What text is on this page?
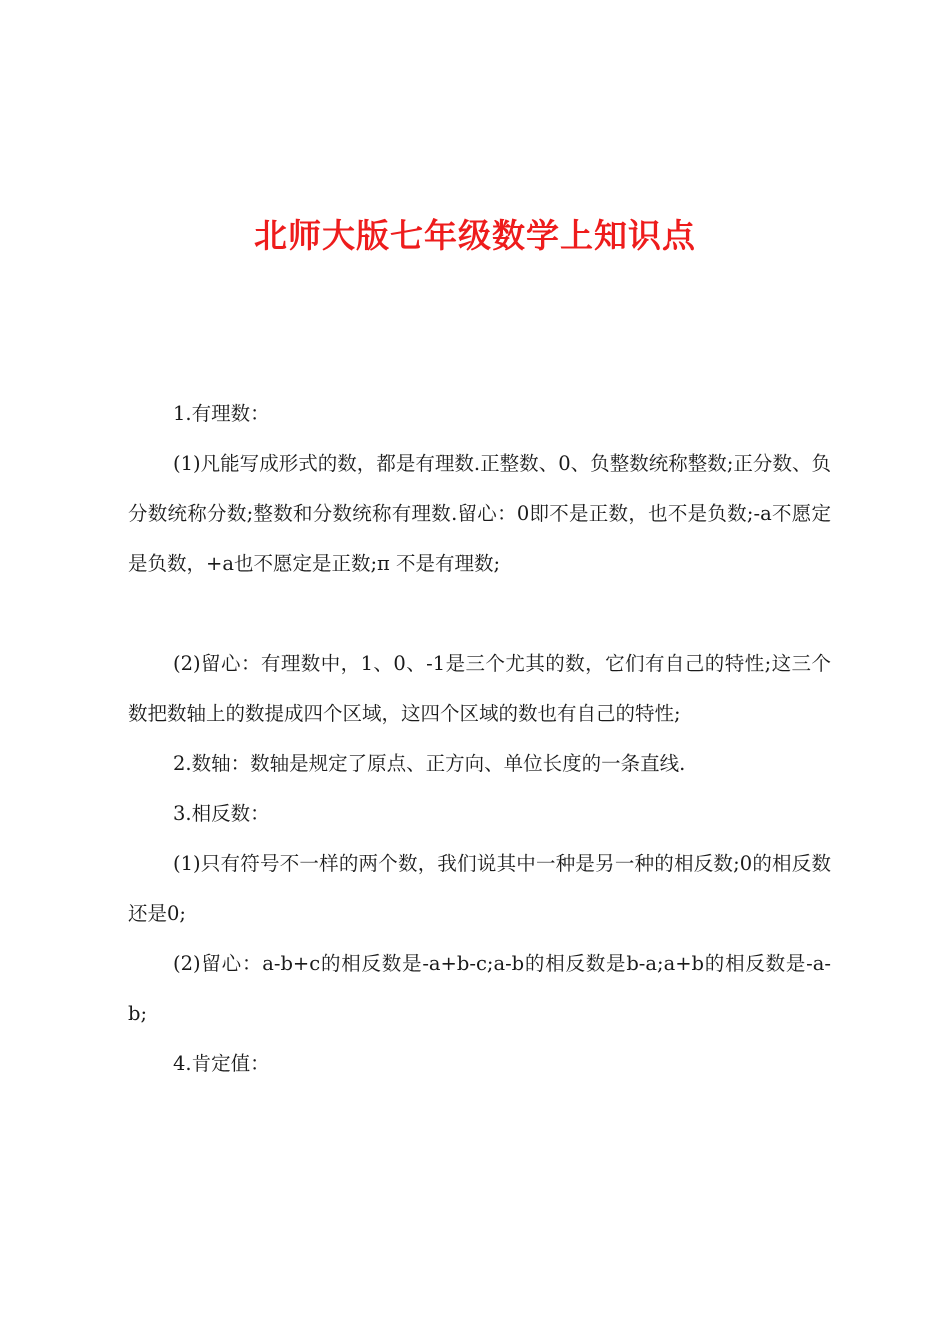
北师大版七年级数学上知识点

1.有理数：

(1)凡能写成形式的数，都是有理数.正整数、0、负整数统称整数;正分数、负分数统称分数;整数和分数统称有理数.留心：0即不是正数，也不是负数;-a不愿定是负数，+a也不愿定是正数;π 不是有理数;

(2)留心：有理数中，1、0、-1是三个尤其的数，它们有自己的特性;这三个数把数轴上的数提成四个区域，这四个区域的数也有自己的特性;

2.数轴：数轴是规定了原点、正方向、单位长度的一条直线.

3.相反数：

(1)只有符号不一样的两个数，我们说其中一种是另一种的相反数;0的相反数还是0;

(2)留心：a-b+c的相反数是-a+b-c;a-b的相反数是b-a;a+b的相反数是-a-b;

4.肯定值：
